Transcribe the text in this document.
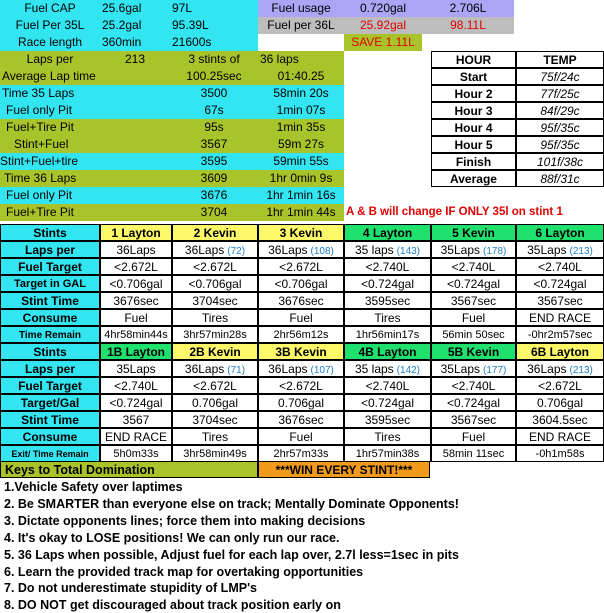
Fuel CAP	25.6gal	97L	Fuel usage	0.720gal	2.706L
Fuel Per 35L	25.2gal	95.39L	Fuel per 36L	25.92gal	98.11L
Race length	360min	21600s	SAVE 1.11L
Laps per	213	3 stints of	36 laps
Average Lap time	100.25sec	01:40.25
Time 35 Laps	3500	58min 20s
Fuel only Pit	67s	1min 07s
Fuel+Tire Pit	95s	1min 35s
Stint+Fuel	3567	59m 27s
Stint+Fuel+tire	3595	59min 55s
Time 36 Laps	3609	1hr 0min 9s
Fuel only Pit	3676	1hr 1min 16s
Fuel+Tire Pit	3704	1hr 1min 44s A & B will change IF ONLY 35l on stint 1
HOUR	TEMP
Start	75f/24c
Hour 2	77f/25c
Hour 3	84f/29c
Hour 4	95f/35c
Hour 5	95f/35c
Finish	101f/38c
Average	88f/31c
Stints	1 Layton	2 Kevin	3 Kevin	4 Layton	5 Kevin	6 Layton
Laps per	36Laps	36Laps (72)	36Laps (108)	35 laps (143)	35Laps (178)	35Laps (213)
Fuel Target	<2.672L	<2.672L	<2.672L	<2.740L	<2.740L	<2.740L
Target in GAL	<0.706gal	<0.706gal	<0.706gal	<0.724gal	<0.724gal	<0.724gal
Stint Time	3676sec	3704sec	3676sec	3595sec	3567sec	3567sec
Consume	Fuel	Tires	Fuel	Tires	Fuel	END RACE
Time Remain	4hr58min44s	3hr57min28s	2hr56m12s	1hr56min17s	56min 50sec	-0hr2m57sec
Stints	1B Layton	2B Kevin	3B Kevin	4B Layton	5B Kevin	6B Layton
Laps per	35Laps	36Laps (71)	36Laps (107)	35 laps (142)	35Laps (177)	36Laps (213)
Fuel Target	<2.740L	<2.672L	<2.672L	<2.740L	<2.740L	<2.672L
Target/Gal	<0.724gal	0.706gal	0.706gal	<0.724gal	<0.724gal	0.706gal
Stint Time	3567	3704sec	3676sec	3595sec	3567sec	3604.5sec
Consume	END RACE	Tires	Fuel	Tires	Fuel	END RACE
Exit/ Time Remain	5h0m33s	3hr58min49s	2hr57m33s	1hr57min38s	58min 11sec	-0h1m58s
Keys to Total Domination	***WIN EVERY STINT!***
1.Vehicle Safety over laptimes
2. Be SMARTER than everyone else on track; Mentally Dominate Opponents!
3. Dictate opponents lines; force them into making decisions
4. It's okay to LOSE positions! We can only run our race.
5. 36 Laps when possible, Adjust fuel for each lap over, 2.7l less=1sec in pits
6. Learn the provided track map for overtaking opportunities
7. Do not underestimate stupidity of LMP's
8. DO NOT get discouraged about track position early on
